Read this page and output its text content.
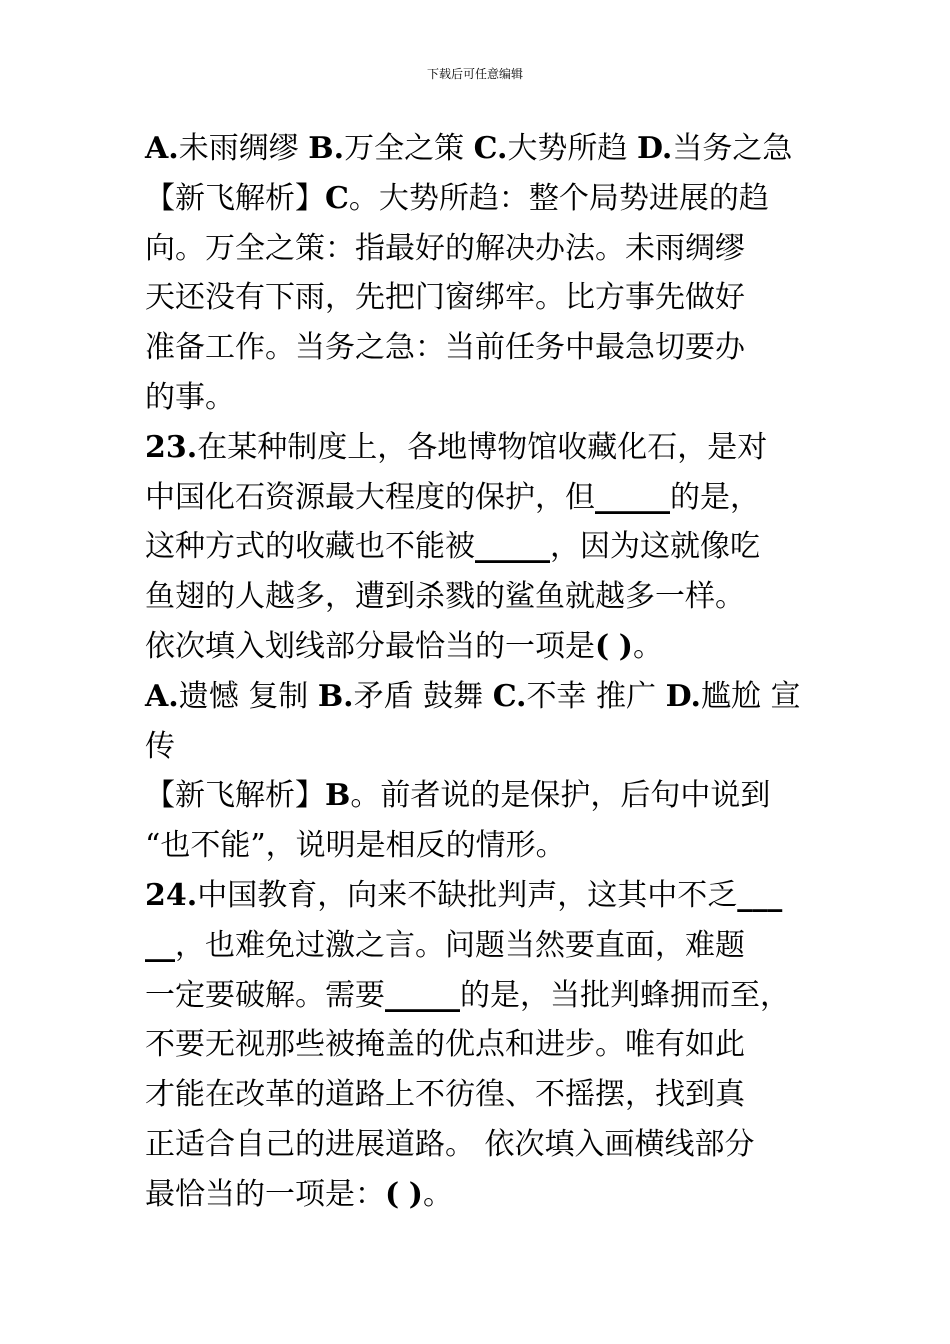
下载后可任意编辑
A.未雨绸缪 B.万全之策 C.大势所趋 D.当务之急
【新飞解析】C。大势所趋：整个局势进展的趋
向。万全之策：指最好的解决办法。未雨绸缪
天还没有下雨，先把门窗绑牢。比方事先做好
准备工作。当务之急：当前任务中最急切要办
的事。
23.在某种制度上，各地博物馆收藏化石，是对
中国化石资源最大程度的保护，但_____的是，
这种方式的收藏也不能被_____，因为这就像吃
鱼翅的人越多，遭到杀戮的鲨鱼就越多一样。
依次填入划线部分最恰当的一项是( )。
A.遗憾 复制 B.矛盾 鼓舞 C.不幸 推广 D.尴尬 宣
传
【新飞解析】B。前者说的是保护，后句中说到
“也不能”，说明是相反的情形。
24.中国教育，向来不缺批判声，这其中不乏___
__，也难免过激之言。问题当然要直面，难题
一定要破解。需要_____的是，当批判蜂拥而至，
不要无视那些被掩盖的优点和进步。唯有如此
才能在改革的道路上不彷徨、不摇摆，找到真
正适合自己的进展道路。 依次填入画横线部分
最恰当的一项是：( )。
